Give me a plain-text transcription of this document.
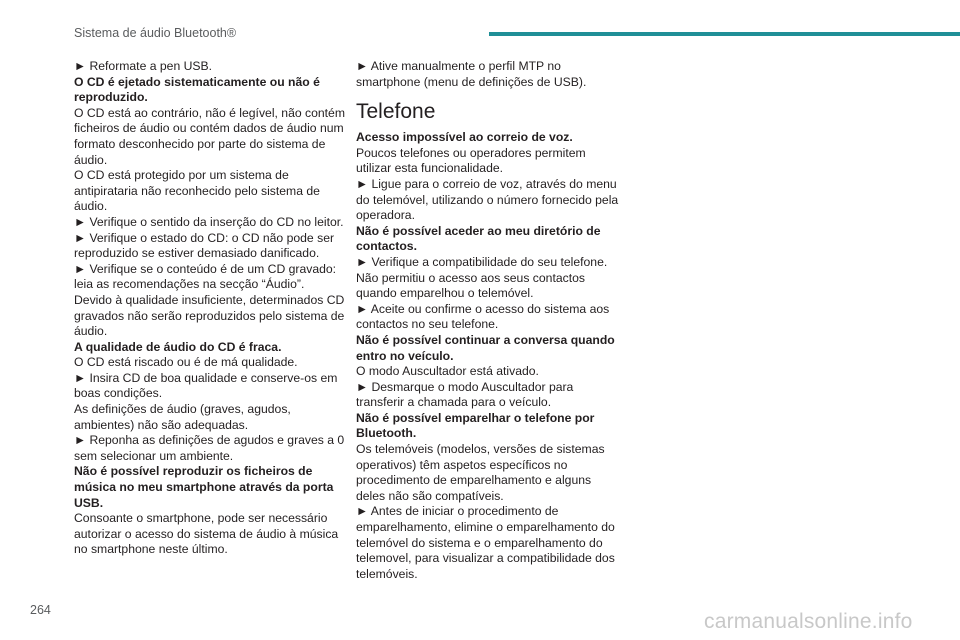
Sistema de áudio Bluetooth®

► Reformate a pen USB.

O CD é ejetado sistematicamente ou não é reproduzido.

O CD está ao contrário, não é legível, não contém ficheiros de áudio ou contém dados de áudio num formato desconhecido por parte do sistema de áudio.

O CD está protegido por um sistema de antipirataria não reconhecido pelo sistema de áudio.

► Verifique o sentido da inserção do CD no leitor.

► Verifique o estado do CD: o CD não pode ser reproduzido se estiver demasiado danificado.

► Verifique se o conteúdo é de um CD gravado: leia as recomendações na secção “Áudio”.

Devido à qualidade insuficiente, determinados CD gravados não serão reproduzidos pelo sistema de áudio.

A qualidade de áudio do CD é fraca.

O CD está riscado ou é de má qualidade.

► Insira CD de boa qualidade e conserve-os em boas condições.

As definições de áudio (graves, agudos, ambientes) não são adequadas.

► Reponha as definições de agudos e graves a 0 sem selecionar um ambiente.

Não é possível reproduzir os ficheiros de música no meu smartphone através da porta USB.

Consoante o smartphone, pode ser necessário autorizar o acesso do sistema de áudio à música no smartphone neste último.

► Ative manualmente o perfil MTP no smartphone (menu de definições de USB).

Telefone

Acesso impossível ao correio de voz.

Poucos telefones ou operadores permitem utilizar esta funcionalidade.

► Ligue para o correio de voz, através do menu do telemóvel, utilizando o número fornecido pela operadora.

Não é possível aceder ao meu diretório de contactos.

► Verifique a compatibilidade do seu telefone.

Não permitiu o acesso aos seus contactos quando emparelhou o telemóvel.

► Aceite ou confirme o acesso do sistema aos contactos no seu telefone.

Não é possível continuar a conversa quando entro no veículo.

O modo Auscultador está ativado.

► Desmarque o modo Auscultador para transferir a chamada para o veículo.

Não é possível emparelhar o telefone por Bluetooth.

Os telemóveis (modelos, versões de sistemas operativos) têm aspetos específicos no procedimento de emparelhamento e alguns deles não são compatíveis.

► Antes de iniciar o procedimento de emparelhamento, elimine o emparelhamento do telemóvel do sistema e o emparelhamento do telemovel, para visualizar a compatibilidade dos telemóveis.

264	carmanualsonline.info
